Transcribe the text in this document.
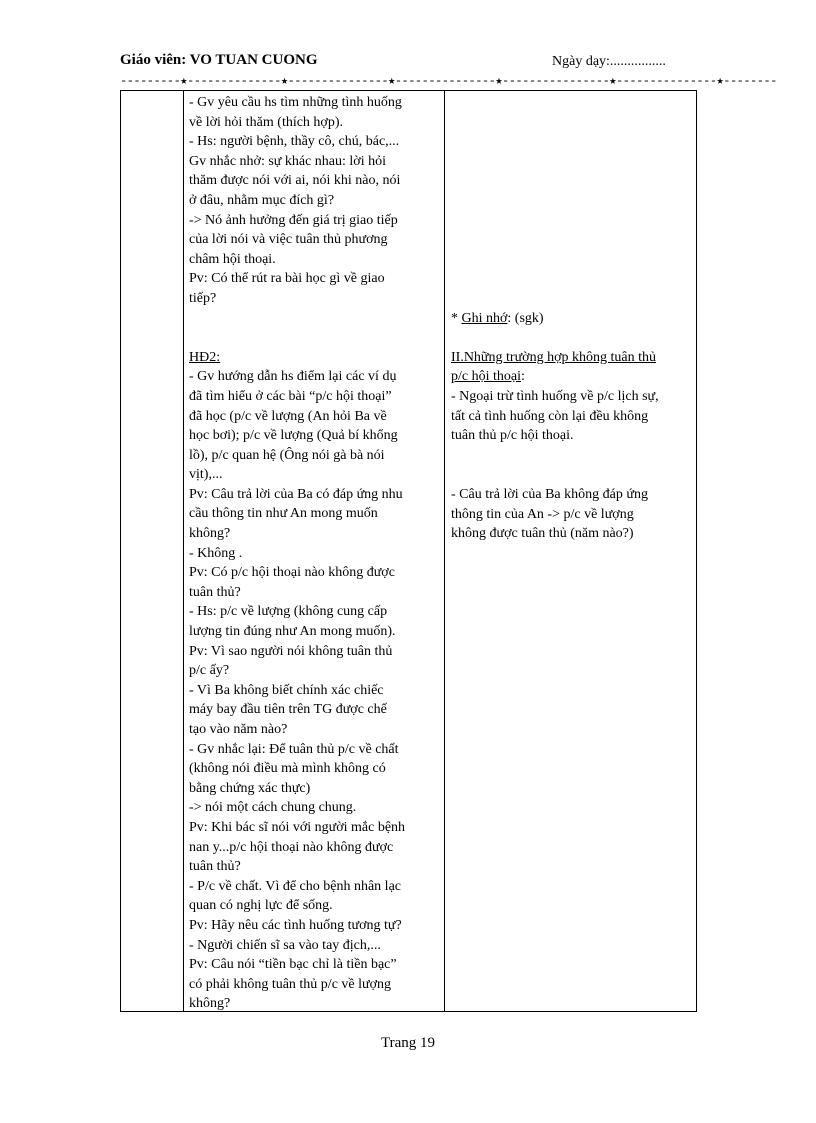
Giáo viên: VO TUAN CUONG	Ngày dạy:................
---------★--------------★---------------★---------------★----------------★---------------★--------

- Gv yêu cầu hs tìm những tình huống

về lời hỏi thăm (thích hợp).

- Hs: người bệnh, thầy cô, chú, bác,...

Gv nhắc nhở: sự khác nhau: lời hỏi

thăm được nói với ai, nói khi nào, nói

ở đâu, nhằm mục đích gì?

-> Nó ảnh hưởng đến giá trị giao tiếp

của lời nói và việc tuân thủ phương

châm hội thoại.

Pv: Có thể rút ra bài học gì về giao

tiếp?

HĐ2:

- Gv hướng dẫn hs điểm lại các ví dụ

đã tìm hiểu ở các bài “p/c hội thoại”

đã học (p/c về lượng (An hỏi Ba về

học bơi); p/c về lượng (Quả bí khổng

lồ), p/c quan hệ (Ông nói gà bà nói

vịt),...

Pv: Câu trả lời của Ba có đáp ứng nhu

cầu thông tin như An mong muốn

không?

- Không .

Pv: Có p/c hội thoại nào không được

tuân thủ?

- Hs: p/c về lượng (không cung cấp

lượng tin đúng như An mong muốn).

Pv: Vì sao người nói không tuân thủ

p/c ấy?

- Vì Ba không biết chính xác chiếc

máy bay đầu tiên trên TG được chế

tạo vào năm nào?

- Gv nhắc lại: Để tuân thủ p/c về chất

(không nói điều mà mình không có

bằng chứng xác thực)

-> nói một cách chung chung.

Pv: Khi bác sĩ nói với người mắc bệnh

nan y...p/c hội thoại nào không được

tuân thủ?

- P/c về chất. Vì để cho bệnh nhân lạc

quan có nghị lực để sống.

Pv: Hãy nêu các tình huống tương tự?

- Người chiến sĩ sa vào tay địch,...

Pv: Câu nói “tiền bạc chỉ là tiền bạc”

có phải không tuân thủ p/c về lượng

không?

* Ghi nhớ: (sgk)

II.Những trường hợp không tuân thủ

p/c hội thoại:

- Ngoại trừ tình huống về p/c lịch sự,

tất cả tình huống còn lại đều không

tuân thủ p/c hội thoại.

- Câu trả lời của Ba không đáp ứng

thông tin của An -> p/c về lượng

không được tuân thủ (năm nào?)

Trang 19
